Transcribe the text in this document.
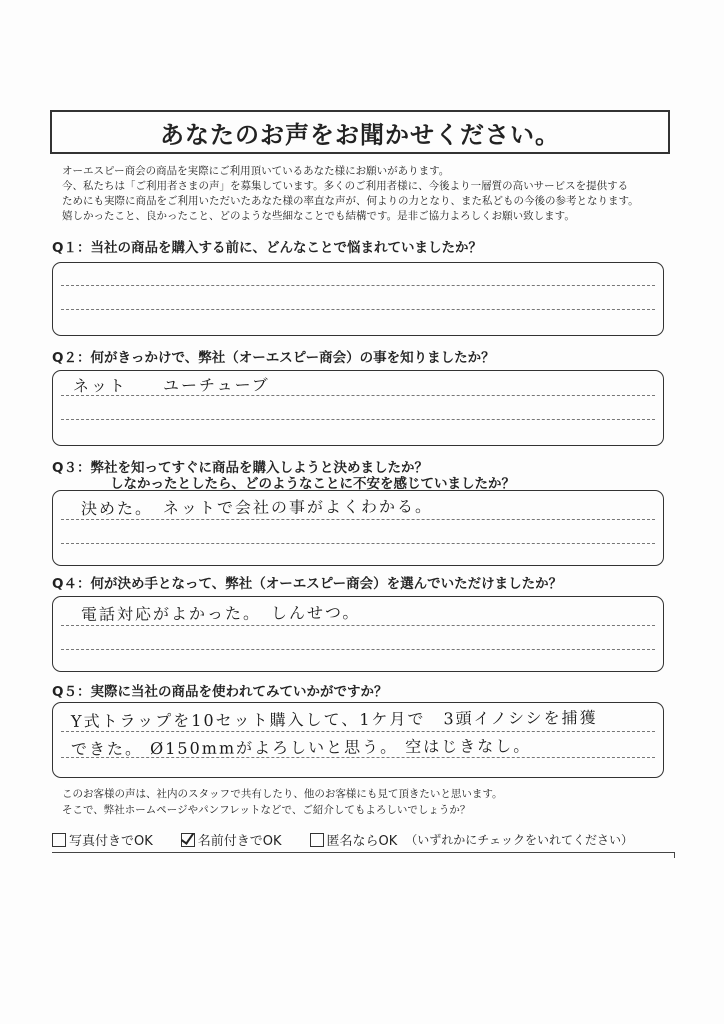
あなたのお声をお聞かせください。
オーエスピー商会の商品を実際にご利用頂いているあなた様にお願いがあります。
今、私たちは「ご利用者さまの声」を募集しています。多くのご利用者様に、今後より一層質の高いサービスを提供する
ためにも実際に商品をご利用いただいたあなた様の率直な声が、何よりの力となり、また私どもの今後の参考となります。
嬉しかったこと、良かったこと、どのような些細なことでも結構です。是非ご協力よろしくお願い致します。
Q１：当社の商品を購入する前に、どんなことで悩まれていましたか？
Q２：何がきっかけで、弊社（オーエスピー商会）の事を知りましたか？
ネット　　ユーチューブ
Q３：弊社を知ってすぐに商品を購入しようと決めましたか？
しなかったとしたら、どのようなことに不安を感じていましたか？
決めた。　ネットで会社の事がよくわかる。
Q４：何が決め手となって、弊社（オーエスピー商会）を選んでいただけましたか？
電話対応がよかった。　しんせつ。
Q５：実際に当社の商品を使われてみていかがですか？
Y式トラップを10セット購入して、1ケ月で　3頭イノシシを捕獲
できた。 Ø150mmがよろしいと思う。 空はじきなし。
このお客様の声は、社内のスタッフで共有したり、他のお客様にも見て頂きたいと思います。
そこで、弊社ホームページやパンフレットなどで、ご紹介してもよろしいでしょうか？
写真付きでOK	名前付きでOK	匿名ならOK （いずれかにチェックをいれてください）
